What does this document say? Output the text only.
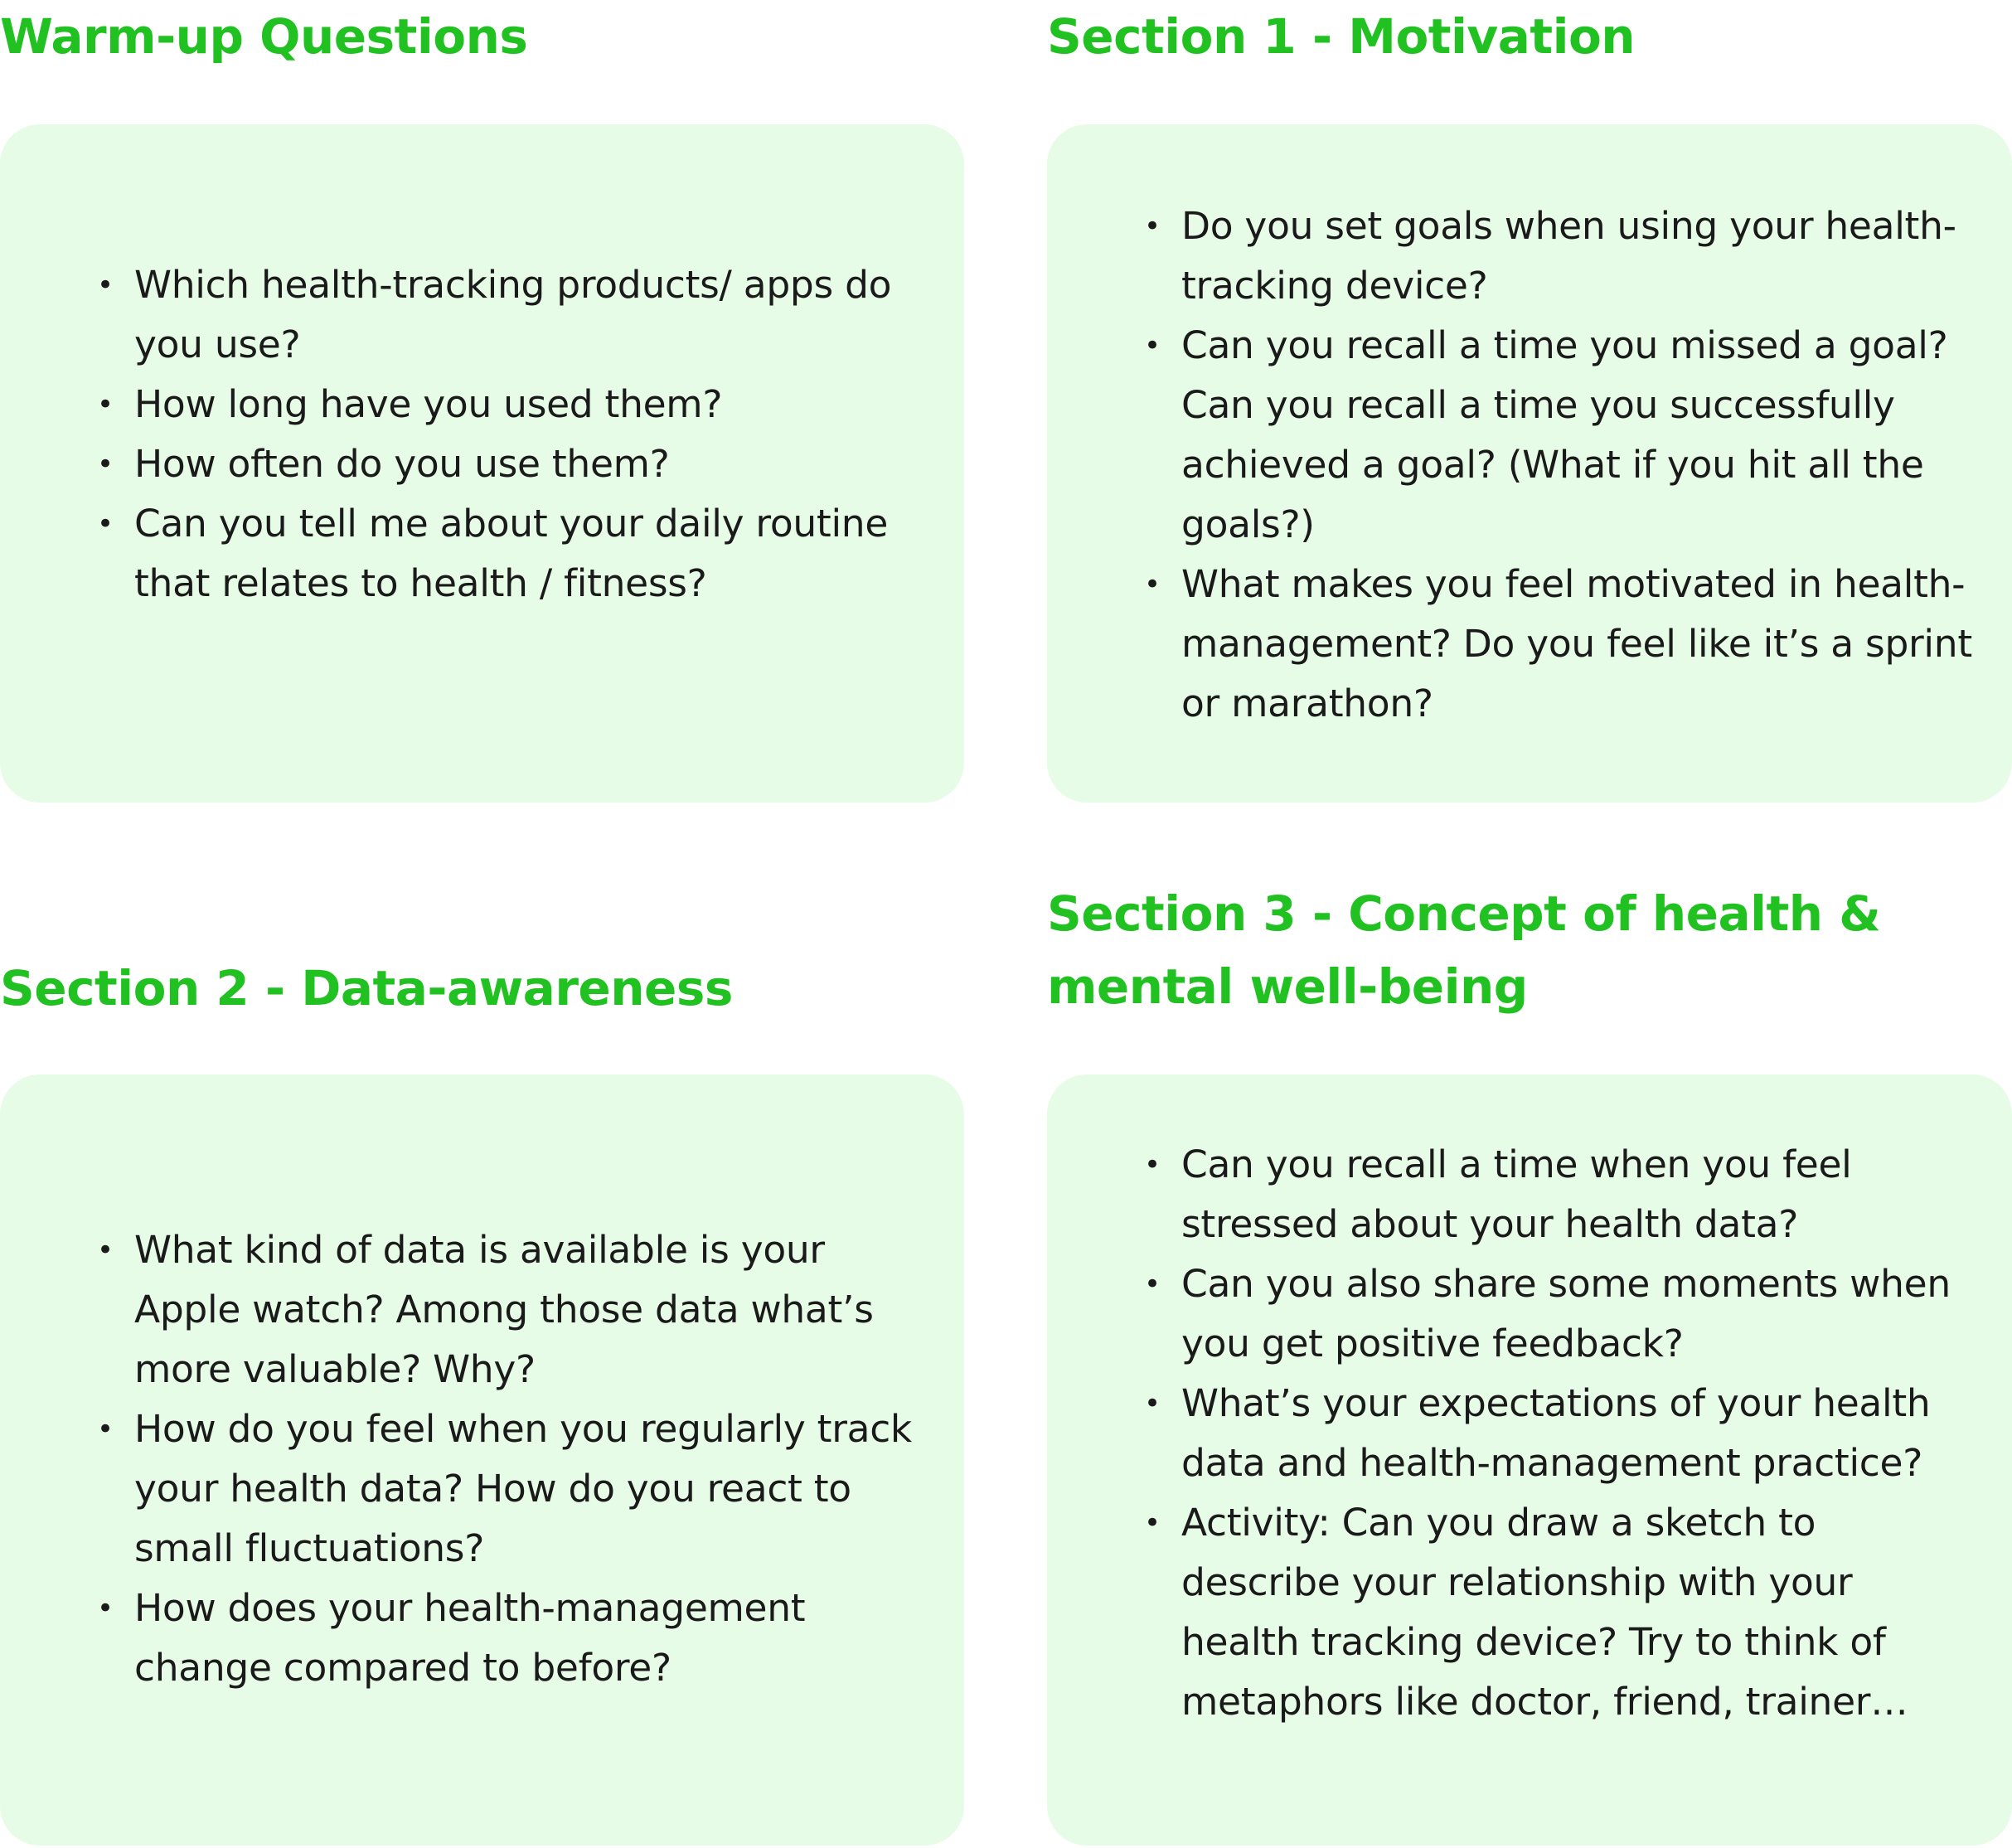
Warm-up Questions
• Which health-tracking products/ apps do you use?
• How long have you used them?
• How often do you use them?
• Can you tell me about your daily routine that relates to health / fitness?
Section 1 - Motivation
• Do you set goals when using your health-tracking device?
• Can you recall a time you missed a goal? Can you recall a time you successfully achieved a goal? (What if you hit all the goals?)
• What makes you feel motivated in health-management? Do you feel like it’s a sprint or marathon?
Section 2 - Data-awareness
• What kind of data is available is your Apple watch? Among those data what’s more valuable? Why?
• How do you feel when you regularly track your health data? How do you react to small fluctuations?
• How does your health-management change compared to before?
Section 3 - Concept of health & mental well-being
• Can you recall a time when you feel stressed about your health data?
• Can you also share some moments when you get positive feedback?
• What’s your expectations of your health data and health-management practice?
• Activity: Can you draw a sketch to describe your relationship with your health tracking device? Try to think of metaphors like doctor, friend, trainer…
